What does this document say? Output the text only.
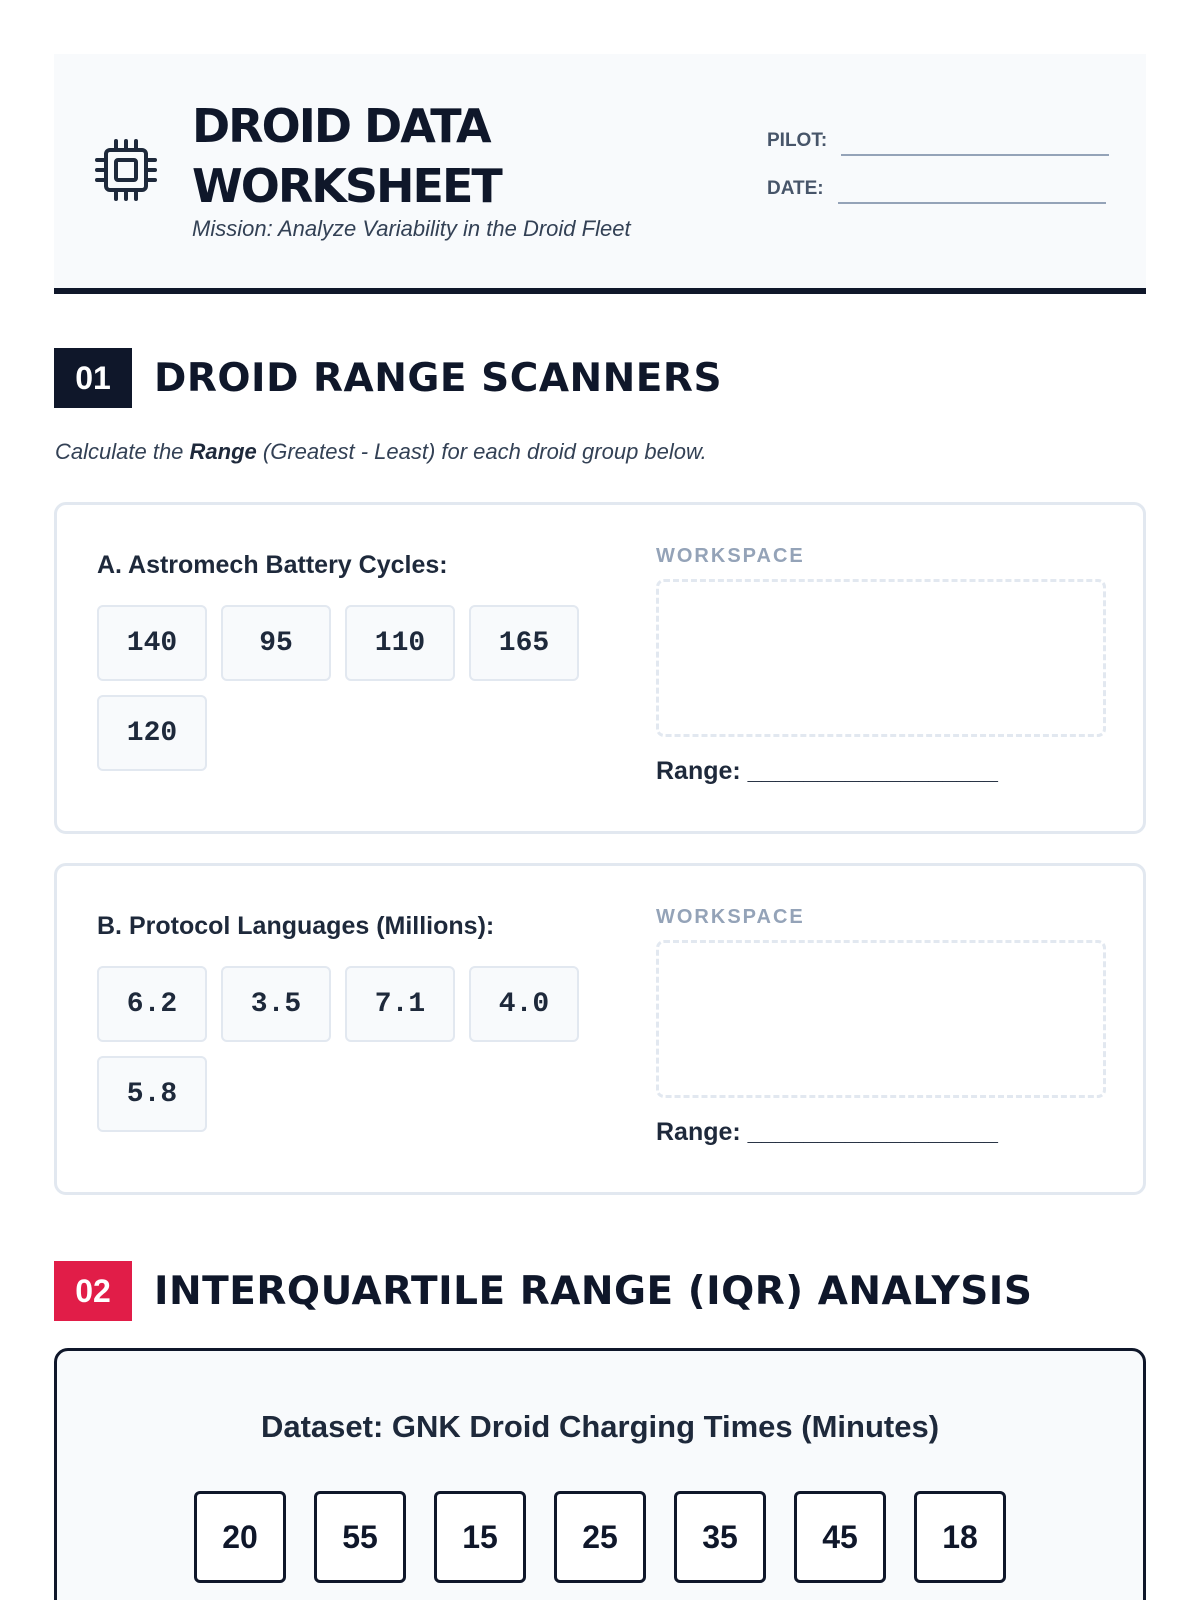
DROID DATA
WORKSHEET
Mission: Analyze Variability in the Droid Fleet
PILOT:
DATE:
01	DROID RANGE SCANNERS
Calculate the Range (Greatest - Least) for each droid group below.
A. Astromech Battery Cycles:
140	95	110	165
120
WORKSPACE
Range: __________________
B. Protocol Languages (Millions):
6.2	3.5	7.1	4.0
5.8
WORKSPACE
Range: __________________
02	INTERQUARTILE RANGE (IQR) ANALYSIS
Dataset: GNK Droid Charging Times (Minutes)
20	55	15	25	35	45	18
